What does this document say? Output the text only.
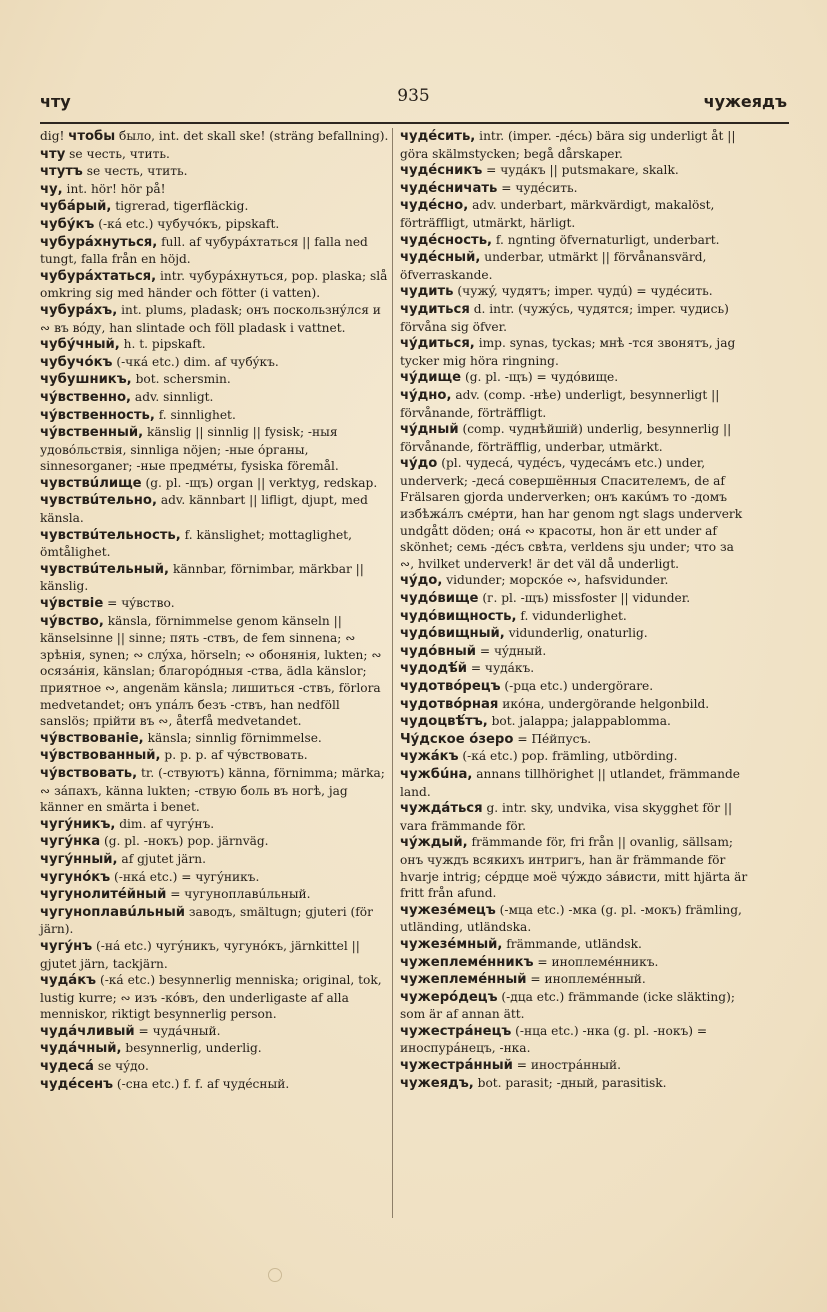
чту	935	чужеядъ
dig! чтобы было, int. det skall ske! (sträng befallning).
чту se честь, чтить.
чтутъ se честь, чтить.
чу, int. hör! hör på!
чубáрый, tigrerad, tigerfläckig.
чубýкъ (-кá etc.) чубучóкъ, pipskaft.
чубурáхнуться, full. af чубурáхтаться || falla ned tungt, falla från en höjd.
чубурáхтаться, intr. чубурáхнуться, pop. plaska; slå omkring sig med händer och fötter (i vatten).
чубурáхъ, int. plums, pladask; онъ поскользнýлся и ∾ въ вóду, han slintade och föll pladask i vattnet.
чубýчный, h. t. pipskaft.
чубучóкъ (-чкá etc.) dim. af чубýкъ.
чубушникъ, bot. schersmin.
чýвственно, adv. sinnligt.
чýвственность, f. sinnlighet.
чýвственный, känslig || sinnlig || fysisk; -ныя удовóльствiя, sinnliga nöjen; -ные óрганы, sinnesorganer; -ные предмéты, fysiska föremål.
чувствúлище (g. pl. -щъ) organ || verktyg, redskap.
чувствúтельно, adv. kännbart || lifligt, djupt, med känsla.
чувствúтельность, f. känslighet; mottaglighet, ömtålighet.
чувствúтельный, kännbar, förnimbar, märkbar || känslig.
чýвствiе = чýвство.
чýвство, känsla, förnimmelse genom känseln || känselsinne || sinne; пять -ствъ, de fem sinnena; ∾ зрѣнiя, synen; ∾ слýха, hörseln; ∾ обонянiя, lukten; ∾ осязáнiя, känslan; благорóдныя -ства, ädla känslor; приятное ∾, angenäm känsla; лишиться -ствъ, förlora medvetandet; онъ упáлъ безъ -ствъ, han nedföll sanslös; прiйти въ ∾, återfå medvetandet.
чýвствованiе, känsla; sinnlig förnimmelse.
чýвствованный, p. p. p. af чýвствовать.
чýвствовать, tr. (-ствуютъ) känna, förnimma; märka; ∾ зáпахъ, känna lukten; -ствую боль въ ногѣ, jag känner en smärta i benet.
чугýникъ, dim. af чугýнъ.
чугýнка (g. pl. -нокъ) pop. järnväg.
чугýнный, af gjutet järn.
чугунóкъ (-нкá etc.) = чугýникъ.
чугунолитéйный = чугуноплавúльный.
чугуноплавúльный заводъ, smältugn; gjuteri (för järn).
чугýнъ (-нá etc.) чугýникъ, чугунóкъ, järnkittel || gjutet järn, tackjärn.
чудáкъ (-кá etc.) besynnerlig menniska; original, tok, lustig kurre; ∾ изъ -кóвъ, den underligaste af alla menniskor, riktigt besynnerlig person.
чудáчливый = чудáчный.
чудáчный, besynnerlig, underlig.
чудесá se чýдо.
чудéсенъ (-сна etc.) f. f. af чудéсный.
чудéсить, intr. (imper. -дéсь) bära sig underligt åt || göra skälmstycken; begå dårskaper.
чудéсникъ = чудáкъ || putsmakare, skalk.
чудéсничать = чудéсить.
чудéсно, adv. underbart, märkvärdigt, makalöst, förträffligt, utmärkt, härligt.
чудéсность, f. ngnting öfvernaturligt, underbart.
чудéсный, underbar, utmärkt || förvånansvärd, öfverraskande.
чудить (чужý, чудятъ; imper. чудú) = чудéсить.
чудиться d. intr. (чужýсь, чудятся; imper. чудись) förvåna sig öfver.
чýдиться, imp. synas, tyckas; мнѣ -тся звонятъ, jag tycker mig höra ringning.
чýдище (g. pl. -щъ) = чудóвище.
чýдно, adv. (comp. -нѣе) underligt, besynnerligt || förvånande, förträffligt.
чýдный (comp. чуднѣйшiй) underlig, besynnerlig || förvånande, förträfflig, underbar, utmärkt.
чýдо (pl. чудесá, чудéсъ, чудесáмъ etc.) under, underverk; -десá совершённыя Спасителемъ, de af Frälsaren gjorda underverken; онъ какúмъ то -домъ избѣжáлъ смéрти, han har genom ngt slags underverk undgått döden; онá ∾ красоты, hon är ett under af skönhet; семь -дéсъ свѣта, verldens sju under; что за ∾, hvilket underverk! är det väl då underligt.
чýдо, vidunder; морскóе ∾, hafsvidunder.
чудóвище (г. pl. -щъ) missfoster || vidunder.
чудóвищность, f. vidunderlighet.
чудóвищный, vidunderlig, onaturlig.
чудóвный = чýдный.
чудодѣ́й = чудáкъ.
чудотвóрецъ (-рца etc.) undergörare.
чудотвóрная икóна, undergörande helgonbild.
чудоцвѣ́тъ, bot. jalappa; jalappablomma.
Чýдское óзеро = Пéйпусъ.
чужáкъ (-кá etc.) pop. främling, utbörding.
чужбúна, annans tillhörighet || utlandet, främmande land.
чуждáться g. intr. sky, undvika, visa skygghet för || vara främmande för.
чýждый, främmande för, fri från || ovanlig, sällsam; онъ чуждъ всякихъ интригъ, han är främmande för hvarje intrig; сéрдце моё чýждо зáвисти, mitt hjärta är fritt från afund.
чужезéмецъ (-мца etc.) -мка (g. pl. -мокъ) främling, utländing, utländska.
чужезéмный, främmande, utländsk.
чужеплемéнникъ = иноплемéнникъ.
чужеплемéнный = иноплемéнный.
чужерóдецъ (-дца etc.) främmande (icke släkting); som är af annan ätt.
чужестрáнецъ (-нца etc.) -нка (g. pl. -нокъ) = иноспурáнецъ, -нка.
чужестрáнный = инострáнный.
чужеядъ, bot. parasit; -дный, parasitisk.
